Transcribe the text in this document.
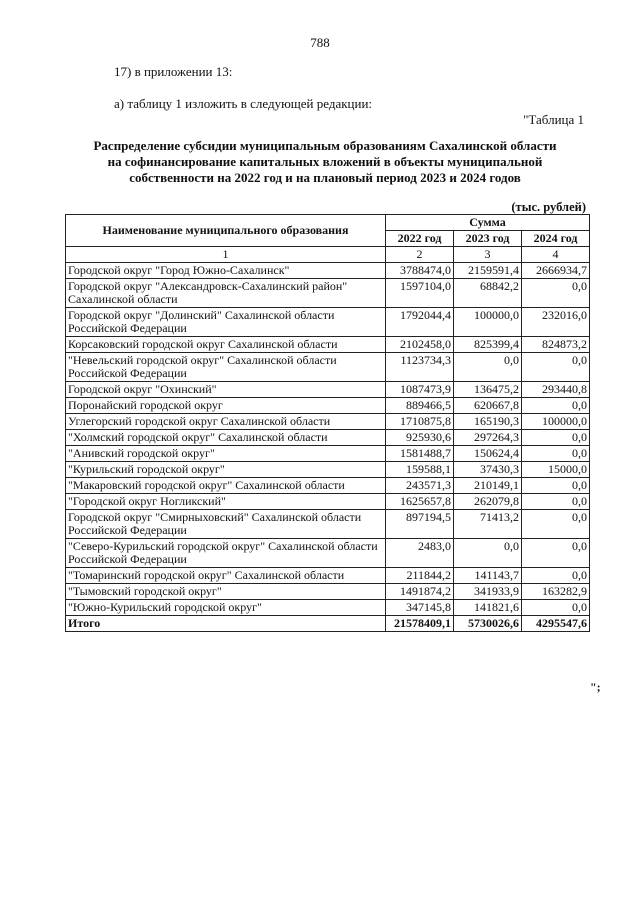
788
17) в приложении 13:
а) таблицу 1 изложить в следующей редакции:
"Таблица 1
Распределение субсидии муниципальным образованиям Сахалинской области
на софинансирование капитальных вложений в объекты муниципальной
собственности на 2022 год и на плановый период 2023 и 2024 годов
(тыс. рублей)
Наименование муниципального образования	Сумма		
	2022 год	2023 год	2024 год
1	2	3	4
Городской округ "Город Южно-Сахалинск"	3788474,0	2159591,4	2666934,7
Городской округ "Александровск-Сахалинский район" Сахалинской области	1597104,0	68842,2	0,0
Городской округ "Долинский" Сахалинской области Российской Федерации	1792044,4	100000,0	232016,0
Корсаковский городской округ Сахалинской области	2102458,0	825399,4	824873,2
"Невельский городской округ" Сахалинской области Российской Федерации	1123734,3	0,0	0,0
Городской округ "Охинский"	1087473,9	136475,2	293440,8
Поронайский городской округ	889466,5	620667,8	0,0
Углегорский городской округ Сахалинской области	1710875,8	165190,3	100000,0
"Холмский городской округ" Сахалинской области	925930,6	297264,3	0,0
"Анивский городской округ"	1581488,7	150624,4	0,0
"Курильский городской округ"	159588,1	37430,3	15000,0
"Макаровский городской округ" Сахалинской области	243571,3	210149,1	0,0
"Городской округ Ногликский"	1625657,8	262079,8	0,0
Городской округ "Смирныховский" Сахалинской области Российской Федерации	897194,5	71413,2	0,0
"Северо-Курильский городской округ" Сахалинской области Российской Федерации	2483,0	0,0	0,0
"Томаринский городской округ" Сахалинской области	211844,2	141143,7	0,0
"Тымовский городской округ"	1491874,2	341933,9	163282,9
"Южно-Курильский городской округ"	347145,8	141821,6	0,0
Итого	21578409,1	5730026,6	4295547,6
";
